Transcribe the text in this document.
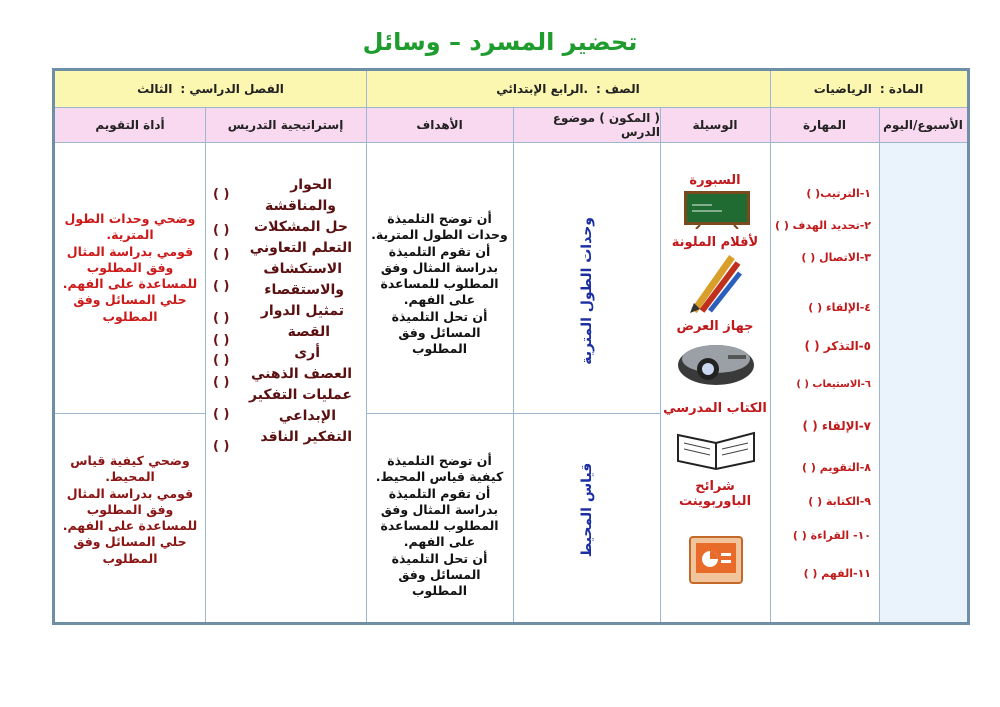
تحضير المسرد – وسائل
المادة :
الرياضيات
الصف :
.الرابع الإبتدائي
الفصل الدراسي :
الثالث
الأسبوع/اليوم
المهارة
الوسيلة
( المكون ) موضوع الدرس
الأهداف
إستراتيجية التدريس
أداة التقويم
١-الترتيب( )
٢-تحديد الهدف ( )
٣-الاتصال ( )
٤-الإلقاء ( )
٥-التذكر ( )
٦-الاستيعاب ( )
٧-الإلقاء ( )
٨-التقويم ( )
٩-الكتابة ( )
١٠- القراءة ( )
١١-الفهم ( )
السبورة
لأقلام الملونة
جهاز العرض
الكتاب المدرسي
شرائح الباوربوينت
وحدات الطول المترية
قياس المحيط
أن توضح التلميذة وحدات الطول المترية.
أن تقوم التلميذة بدراسة المثال وفق المطلوب للمساعدة على الفهم.
أن تحل التلميذة المسائل وفق المطلوب
أن توضح التلميذة كيفية قياس المحيط.
أن تقوم التلميذة بدراسة المثال وفق المطلوب للمساعدة على الفهم.
أن تحل التلميذة المسائل وفق المطلوب
الحوار
والمناقشة
حل المشكلات
التعلم التعاوني
الاستكشاف
والاستقصاء
تمثيل الدوار
القصة
أرى
العصف الذهني
عمليات التفكير
الإبداعي
التفكير الناقد
( )
( )
( )
( )
( )
( )
( )
( )
( )
( )
وضحي وحدات الطول المترية.
قومي بدراسة المثال وفق المطلوب للمساعدة على الفهم.
حلي المسائل وفق المطلوب
وضحي كيفية قياس المحيط.
قومي بدراسة المثال وفق المطلوب للمساعدة على الفهم.
حلي المسائل وفق المطلوب
